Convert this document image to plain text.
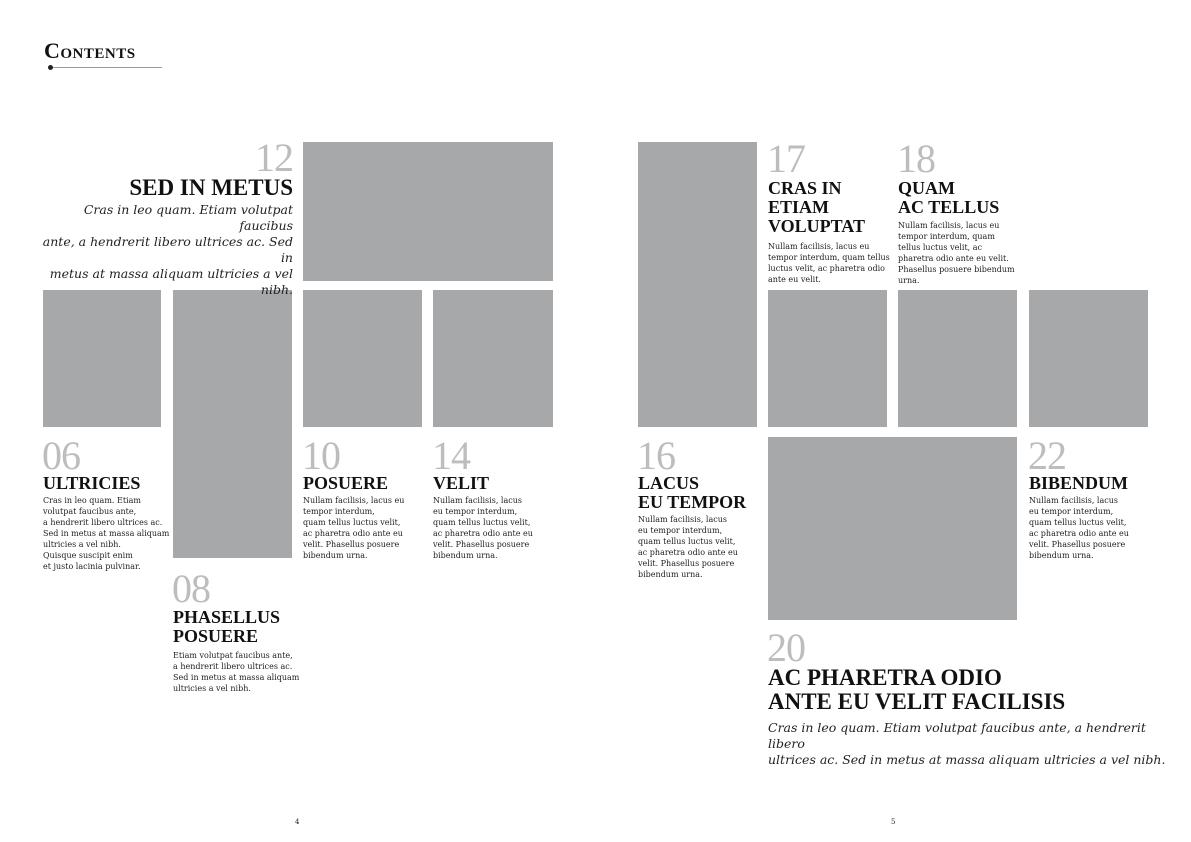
Contents
12
SED IN METUS
Cras in leo quam. Etiam volutpat faucibus
ante, a hendrerit libero ultrices ac. Sed in
metus at massa aliquam ultricies a vel nibh.
06
ULTRICIES
Cras in leo quam. Etiam
volutpat faucibus ante,
a hendrerit libero ultrices ac.
Sed in metus at massa aliquam
ultricies a vel nibh.
Quisque suscipit enim
et justo lacinia pulvinar. 08
PHASELLUS
POSUERE
Etiam volutpat faucibus ante,
a hendrerit libero ultrices ac.
Sed in metus at massa aliquam
ultricies a vel nibh.
10
POSUERE
Nullam facilisis, lacus eu
tempor interdum,
quam tellus luctus velit,
ac pharetra odio ante eu
velit. Phasellus posuere
bibendum urna.
14
VELIT
Nullam facilisis, lacus
eu tempor interdum,
quam tellus luctus velit,
ac pharetra odio ante eu
velit. Phasellus posuere
bibendum urna.
4
17
CRAS IN
ETIAM
VOLUPTAT
Nullam facilisis, lacus eu
tempor interdum, quam tellus
luctus velit, ac pharetra odio
ante eu velit.
18
QUAM
AC TELLUS
Nullam facilisis, lacus eu
tempor interdum, quam
tellus luctus velit, ac
pharetra odio ante eu velit.
Phasellus posuere bibendum
urna.
16
LACUS
EU TEMPOR
Nullam facilisis, lacus
eu tempor interdum,
quam tellus luctus velit,
ac pharetra odio ante eu
velit. Phasellus posuere
bibendum urna.
22
BIBENDUM
Nullam facilisis, lacus
eu tempor interdum,
quam tellus luctus velit,
ac pharetra odio ante eu
velit. Phasellus posuere
bibendum urna.
20
AC PHARETRA ODIO
ANTE EU VELIT FACILISIS
Cras in leo quam. Etiam volutpat faucibus ante, a hendrerit libero
ultrices ac. Sed in metus at massa aliquam ultricies a vel nibh.
5
